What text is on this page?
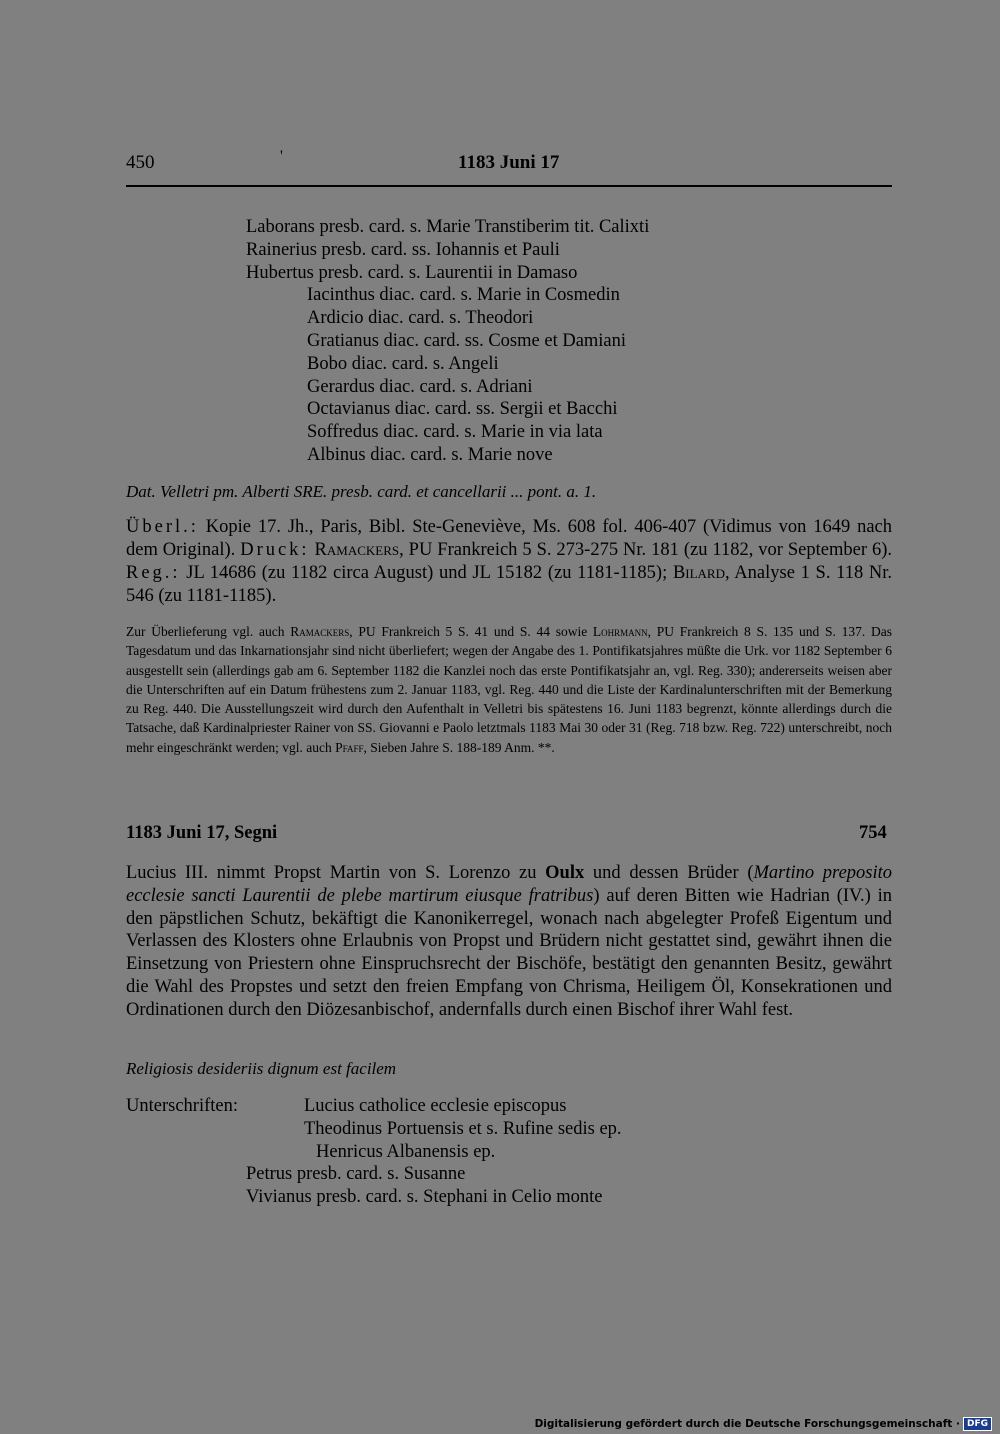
450	'	1183 Juni 17
Laborans presb. card. s. Marie Transtiberim tit. Calixti
Rainerius presb. card. ss. Iohannis et Pauli
Hubertus presb. card. s. Laurentii in Damaso
Iacinthus diac. card. s. Marie in Cosmedin
Ardicio diac. card. s. Theodori
Gratianus diac. card. ss. Cosme et Damiani
Bobo diac. card. s. Angeli
Gerardus diac. card. s. Adriani
Octavianus diac. card. ss. Sergii et Bacchi
Soffredus diac. card. s. Marie in via lata
Albinus diac. card. s. Marie nove
Dat. Velletri pm. Alberti SRE. presb. card. et cancellarii ... pont. a. 1.
Überl.: Kopie 17. Jh., Paris, Bibl. Ste-Geneviève, Ms. 608 fol. 406-407 (Vidimus von 1649 nach dem Original). Druck: Ramackers, PU Frankreich 5 S. 273-275 Nr. 181 (zu 1182, vor September 6). Reg.: JL 14686 (zu 1182 circa August) und JL 15182 (zu 1181-1185); Bilard, Analyse 1 S. 118 Nr. 546 (zu 1181-1185).
Zur Überlieferung vgl. auch Ramackers, PU Frankreich 5 S. 41 und S. 44 sowie Lohrmann, PU Frankreich 8 S. 135 und S. 137. Das Tagesdatum und das Inkarnationsjahr sind nicht überliefert; wegen der Angabe des 1. Pontifikatsjahres müßte die Urk. vor 1182 September 6 ausgestellt sein (allerdings gab am 6. September 1182 die Kanzlei noch das erste Pontifikatsjahr an, vgl. Reg. 330); andererseits weisen aber die Unterschriften auf ein Datum frühestens zum 2. Januar 1183, vgl. Reg. 440 und die Liste der Kardinalunterschriften mit der Bemerkung zu Reg. 440. Die Ausstellungszeit wird durch den Aufenthalt in Velletri bis spätestens 16. Juni 1183 begrenzt, könnte allerdings durch die Tatsache, daß Kardinalpriester Rainer von SS. Giovanni e Paolo letztmals 1183 Mai 30 oder 31 (Reg. 718 bzw. Reg. 722) unterschreibt, noch mehr eingeschränkt werden; vgl. auch Pfaff, Sieben Jahre S. 188-189 Anm. **.
1183 Juni 17, Segni	754
Lucius III. nimmt Propst Martin von S. Lorenzo zu Oulx und dessen Brüder (Martino preposito ecclesie sancti Laurentii de plebe martirum eiusque fratribus) auf deren Bitten wie Hadrian (IV.) in den päpstlichen Schutz, bekäftigt die Kanonikerregel, wonach nach abgelegter Profeß Eigentum und Verlassen des Klosters ohne Erlaubnis von Propst und Brüdern nicht gestattet sind, gewährt ihnen die Einsetzung von Priestern ohne Einspruchsrecht der Bischöfe, bestätigt den genannten Besitz, gewährt die Wahl des Propstes und setzt den freien Empfang von Chrisma, Heiligem Öl, Konsekrationen und Ordinationen durch den Diözesanbischof, andernfalls durch einen Bischof ihrer Wahl fest.
Religiosis desideriis dignum est facilem
Unterschriften:	Lucius catholice ecclesie episcopus
Theodinus Portuensis et s. Rufine sedis ep.
Henricus Albanensis ep.
Petrus presb. card. s. Susanne
Vivianus presb. card. s. Stephani in Celio monte
Digitalisierung gefördert durch die Deutsche Forschungsgemeinschaft · DFG
